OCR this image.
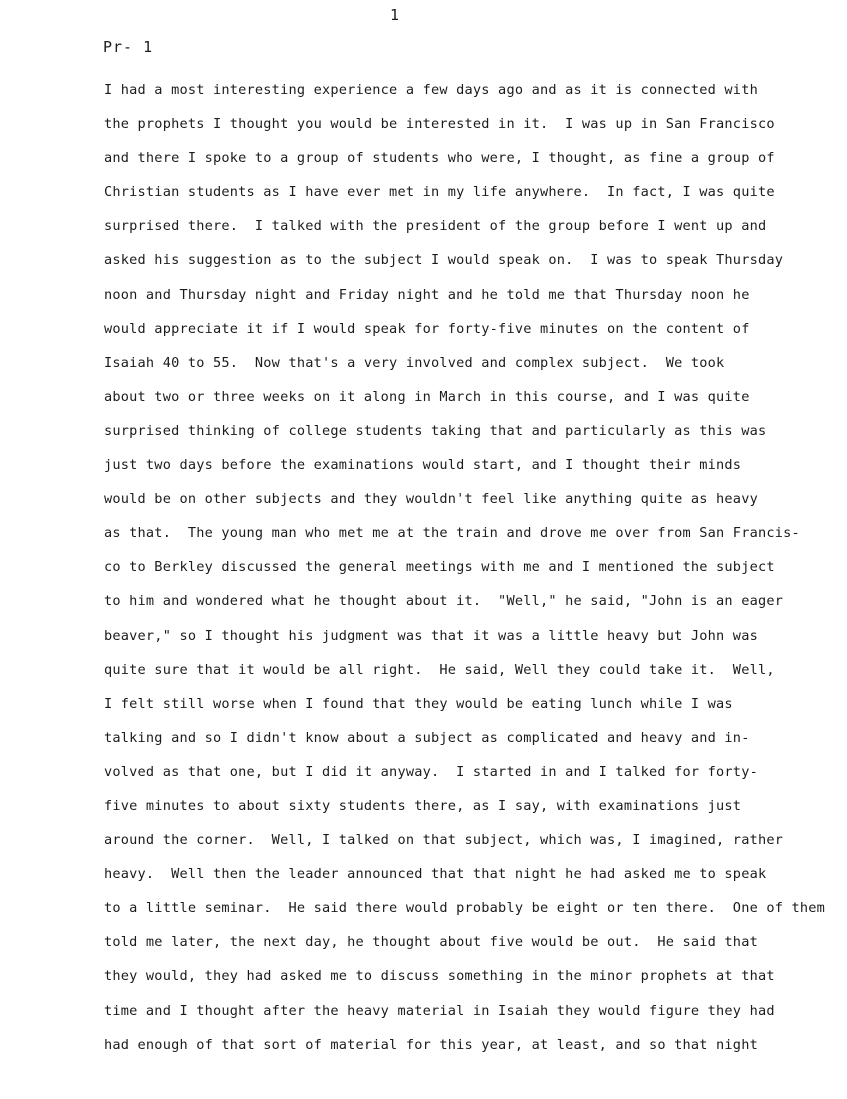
1
Pr- 1
I had a most interesting experience a few days ago and as it is connected with
the prophets I thought you would be interested in it.  I was up in San Francisco
and there I spoke to a group of students who were, I thought, as fine a group of
Christian students as I have ever met in my life anywhere.  In fact, I was quite
surprised there.  I talked with the president of the group before I went up and
asked his suggestion as to the subject I would speak on.  I was to speak Thursday
noon and Thursday night and Friday night and he told me that Thursday noon he
would appreciate it if I would speak for forty-five minutes on the content of
Isaiah 40 to 55.  Now that's a very involved and complex subject.  We took
about two or three weeks on it along in March in this course, and I was quite
surprised thinking of college students taking that and particularly as this was
just two days before the examinations would start, and I thought their minds
would be on other subjects and they wouldn't feel like anything quite as heavy
as that.  The young man who met me at the train and drove me over from San Francis-
co to Berkley discussed the general meetings with me and I mentioned the subject
to him and wondered what he thought about it.  "Well," he said, "John is an eager
beaver," so I thought his judgment was that it was a little heavy but John was
quite sure that it would be all right.  He said, Well they could take it.  Well,
I felt still worse when I found that they would be eating lunch while I was
talking and so I didn't know about a subject as complicated and heavy and in-
volved as that one, but I did it anyway.  I started in and I talked for forty-
five minutes to about sixty students there, as I say, with examinations just
around the corner.  Well, I talked on that subject, which was, I imagined, rather
heavy.  Well then the leader announced that that night he had asked me to speak
to a little seminar.  He said there would probably be eight or ten there.  One of them
told me later, the next day, he thought about five would be out.  He said that
they would, they had asked me to discuss something in the minor prophets at that
time and I thought after the heavy material in Isaiah they would figure they had
had enough of that sort of material for this year, at least, and so that night
